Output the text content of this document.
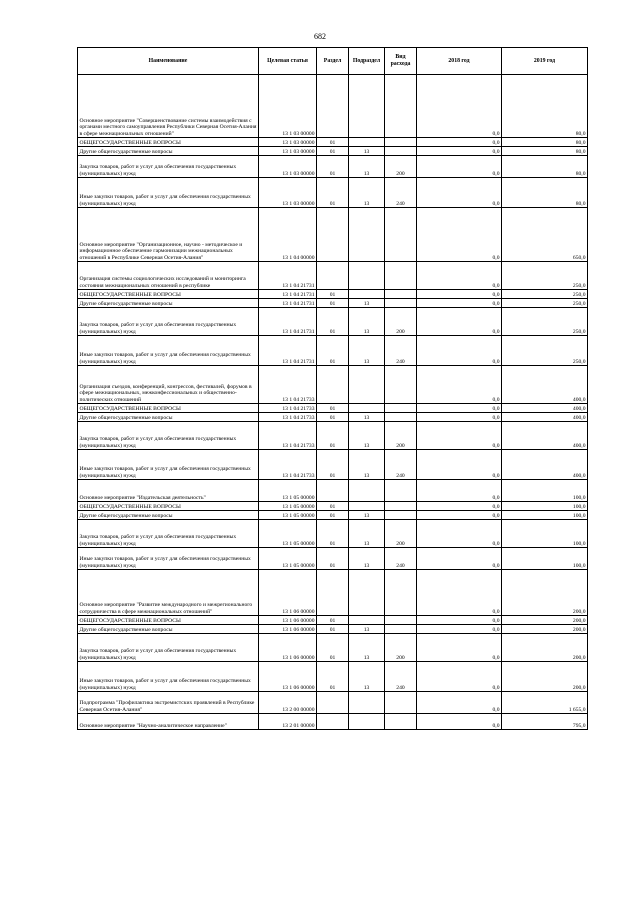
682
Наименование	Целевая статья	Раздел	Подраздел	Вид расхода	2018 год	2019 год
Основное мероприятие "Совершенствование системы взаимодействия с органами местного самоуправления Республики Северная Осетия-Алания в сфере межнациональных отношений"	13 1 03 00000				0,0	80,0
ОБЩЕГОСУДАРСТВЕННЫЕ ВОПРОСЫ	13 1 03 00000	01			0,0	80,0
Другие общегосударственные вопросы	13 1 03 00000	01	13		0,0	80,0
Закупка товаров, работ и услуг для обеспечения государственных (муниципальных) нужд	13 1 03 00000	01	13	200	0,0	80,0
Иные закупки товаров, работ и услуг для обеспечения государственных (муниципальных) нужд	13 1 03 00000	01	13	240	0,0	80,0
Основное мероприятие "Организационное, научно - методическое и информационное обеспечение гармонизации межнациональных отношений в Республике Северная Осетия-Алания"	13 1 04 00000				0,0	650,0
Организация системы социологических исследований и мониторинга состояния межнациональных отношений в республике	13 1 04 21731				0,0	250,0
ОБЩЕГОСУДАРСТВЕННЫЕ ВОПРОСЫ	13 1 04 21731	01			0,0	250,0
Другие общегосударственные вопросы	13 1 04 21731	01	13		0,0	250,0
Закупка товаров, работ и услуг для обеспечения государственных (муниципальных) нужд	13 1 04 21731	01	13	200	0,0	250,0
Иные закупки товаров, работ и услуг для обеспечения государственных (муниципальных) нужд	13 1 04 21731	01	13	240	0,0	250,0
Организация съездов, конференций, конгрессов, фестивалей, форумов в сфере межнациональных, межконфессиональных и общественно-политических отношений	13 1 04 21733				0,0	400,0
ОБЩЕГОСУДАРСТВЕННЫЕ ВОПРОСЫ	13 1 04 21733	01			0,0	400,0
Другие общегосударственные вопросы	13 1 04 21733	01	13		0,0	400,0
Закупка товаров, работ и услуг для обеспечения государственных (муниципальных) нужд	13 1 04 21733	01	13	200	0,0	400,0
Иные закупки товаров, работ и услуг для обеспечения государственных (муниципальных) нужд	13 1 04 21733	01	13	240	0,0	400,0
Основное мероприятие "Издательская деятельность"	13 1 05 00000				0,0	100,0
ОБЩЕГОСУДАРСТВЕННЫЕ ВОПРОСЫ	13 1 05 00000	01			0,0	100,0
Другие общегосударственные вопросы	13 1 05 00000	01	13		0,0	100,0
Закупка товаров, работ и услуг для обеспечения государственных (муниципальных) нужд	13 1 05 00000	01	13	200	0,0	100,0
Иные закупки товаров, работ и услуг для обеспечения государственных (муниципальных) нужд	13 1 05 00000	01	13	240	0,0	100,0
Основное мероприятие "Развитие международного и межрегионального сотрудничества в сфере межнациональных отношений"	13 1 06 00000				0,0	200,0
ОБЩЕГОСУДАРСТВЕННЫЕ ВОПРОСЫ	13 1 06 00000	01			0,0	200,0
Другие общегосударственные вопросы	13 1 06 00000	01	13		0,0	200,0
Закупка товаров, работ и услуг для обеспечения государственных (муниципальных) нужд	13 1 06 00000	01	13	200	0,0	200,0
Иные закупки товаров, работ и услуг для обеспечения государственных (муниципальных) нужд	13 1 06 00000	01	13	240	0,0	200,0
Подпрограмма "Профилактика экстремистских проявлений в Республике Северная Осетия-Алания"	13 2 00 00000				0,0	1 655,0
Основное мероприятие "Научно-аналитическое направление"	13 2 01 00000				0,0	795,0
